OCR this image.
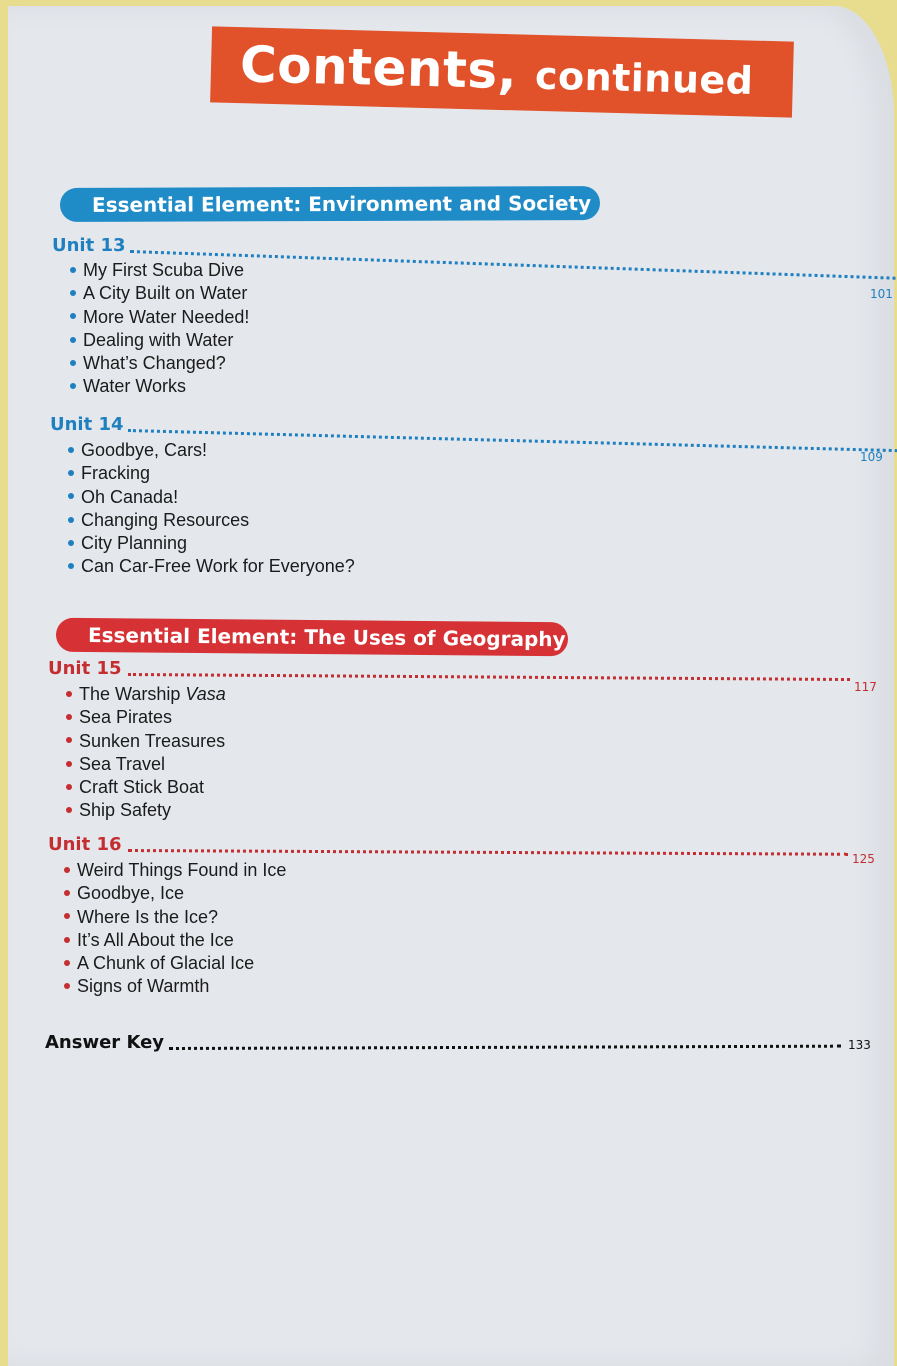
Contents, continued
Essential Element: Environment and Society
Unit 13
101
My First Scuba Dive
A City Built on Water
More Water Needed!
Dealing with Water
What’s Changed?
Water Works
Unit 14
109
Goodbye, Cars!
Fracking
Oh Canada!
Changing Resources
City Planning
Can Car-Free Work for Everyone?
Essential Element: The Uses of Geography
Unit 15
117
The Warship Vasa
Sea Pirates
Sunken Treasures
Sea Travel
Craft Stick Boat
Ship Safety
Unit 16
125
Weird Things Found in Ice
Goodbye, Ice
Where Is the Ice?
It’s All About the Ice
A Chunk of Glacial Ice
Signs of Warmth
Answer Key	133
